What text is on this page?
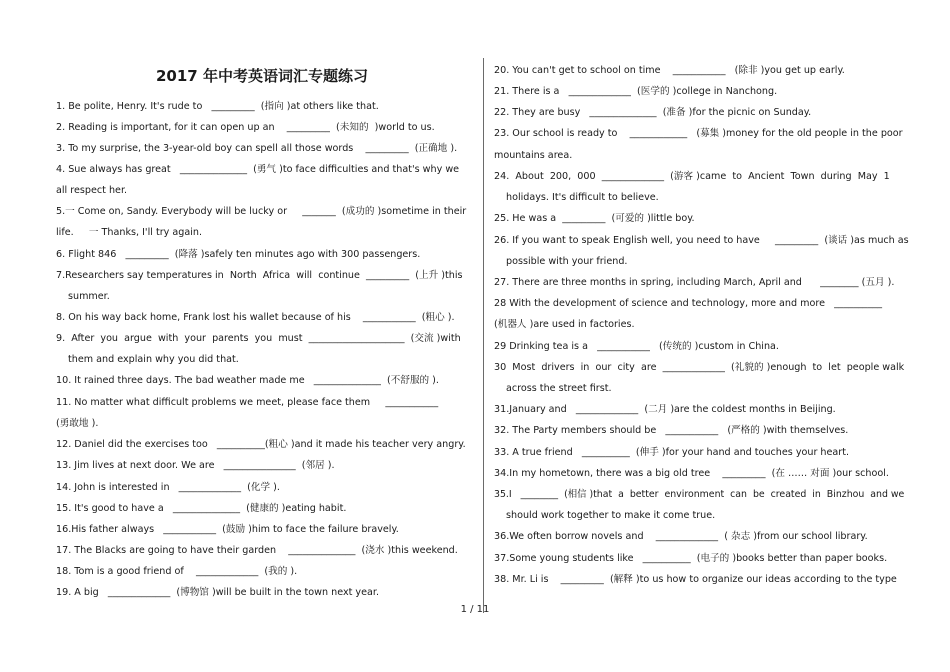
2017 年中考英语词汇专题练习
1. Be polite, Henry. It's rude to   _________  (指向 )at others like that.
2. Reading is important, for it can open up an    _________  (未知的  )world to us.
3. To my surprise, the 3-year-old boy can spell all those words    _________  (正确地 ).
4. Sue always has great   ______________  (勇气 )to face difficulties and that's why we
all respect her.
5.一 Come on, Sandy. Everybody will be lucky or     _______  (成功的 )sometime in their
life.     一 Thanks, I'll try again.
6. Flight 846   _________  (降落 )safely ten minutes ago with 300 passengers.
7.Researchers say temperatures in  North  Africa  will  continue  _________  (上升 )this
summer.
8. On his way back home, Frank lost his wallet because of his    ___________  (粗心 ).
9.  After  you  argue  with  your  parents  you  must  ____________________  (交流 )with
them and explain why you did that.
10. It rained three days. The bad weather made me   ______________  (不舒服的 ).
11. No matter what difficult problems we meet, please face them     ___________
(勇敢地 ).
12. Daniel did the exercises too   __________(粗心 )and it made his teacher very angry.
13. Jim lives at next door. We are   _______________  (邻居 ).
14. John is interested in   _____________  (化学 ).
15. It's good to have a   ______________  (健康的 )eating habit.
16.His father always   ___________  (鼓励 )him to face the failure bravely.
17. The Blacks are going to have their garden    ______________  (浇水 )this weekend.
18. Tom is a good friend of    _____________  (我的 ).
19. A big   _____________  (博物馆 )will be built in the town next year.
20. You can't get to school on time    ___________   (除非 )you get up early.
21. There is a   _____________  (医学的 )college in Nanchong.
22. They are busy   ______________  (准备 )for the picnic on Sunday.
23. Our school is ready to    ____________   (募集 )money for the old people in the poor
mountains area.
24.  About  200,  000  _____________  (游客 )came  to  Ancient  Town  during  May  1
holidays. It's difficult to believe.
25. He was a  _________  (可爱的 )little boy.
26. If you want to speak English well, you need to have     _________  (谈话 )as much as
possible with your friend.
27. There are three months in spring, including March, April and      ________ (五月 ).
28 With the development of science and technology, more and more   __________
(机器人 )are used in factories.
29 Drinking tea is a   ___________   (传统的 )custom in China.
30  Most  drivers  in  our  city  are  _____________  (礼貌的 )enough  to  let  people walk
across the street first.
31.January and   _____________  (二月 )are the coldest months in Beijing.
32. The Party members should be   ___________   (严格的 )with themselves.
33. A true friend   __________  (伸手 )for your hand and touches your heart.
34.In my hometown, there was a big old tree    _________  (在 …… 对面 )our school.
35.I   ________  (相信 )that  a  better  environment  can  be  created  in  Binzhou  and we
should work together to make it come true.
36.We often borrow novels and    _____________  ( 杂志 )from our school library.
37.Some young students like   __________  (电子的 )books better than paper books.
38. Mr. Li is    _________  (解释 )to us how to organize our ideas according to the type
1 / 11
